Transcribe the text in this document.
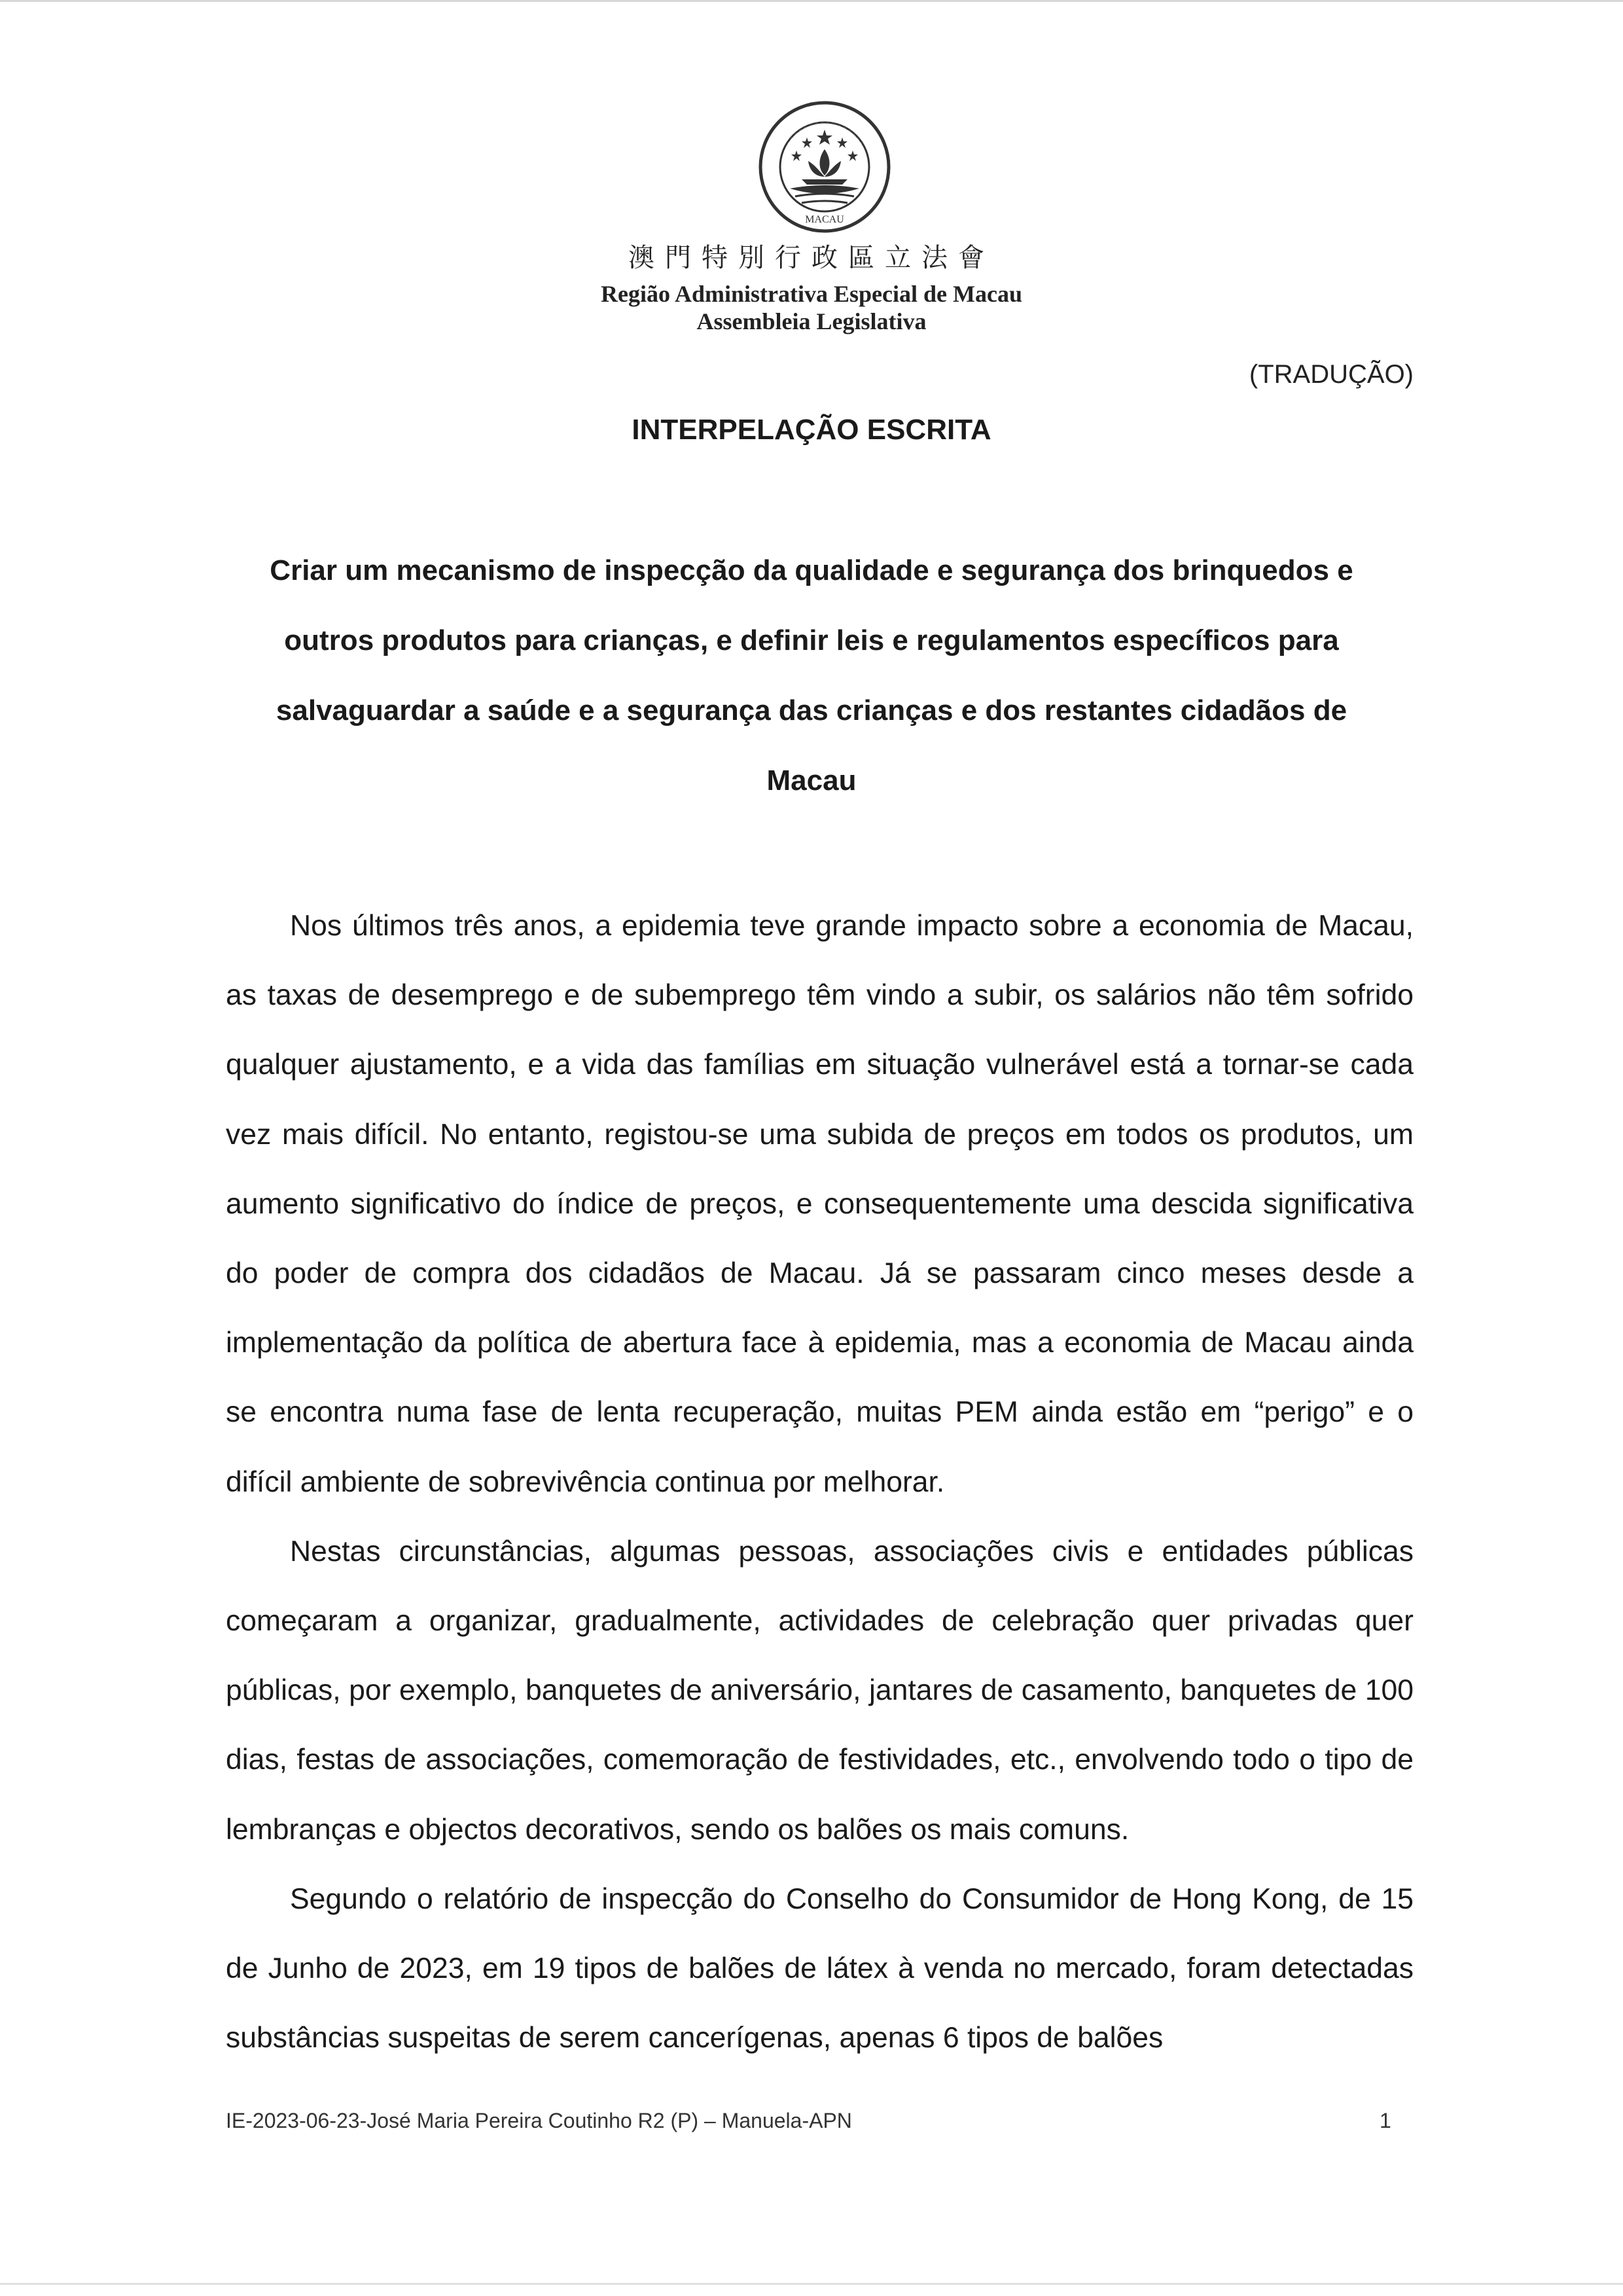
MACAU
澳門特別行政區立法會
Região Administrativa Especial de Macau
Assembleia Legislativa
(TRADUÇÃO)
INTERPELAÇÃO ESCRITA
Criar um mecanismo de inspecção da qualidade e segurança dos brinquedos e outros produtos para crianças, e definir leis e regulamentos específicos para salvaguardar a saúde e a segurança das crianças e dos restantes cidadãos de Macau

Nos últimos três anos, a epidemia teve grande impacto sobre a economia de Macau, as taxas de desemprego e de subemprego têm vindo a subir, os salários não têm sofrido qualquer ajustamento, e a vida das famílias em situação vulnerável está a tornar-se cada vez mais difícil. No entanto, registou-se uma subida de preços em todos os produtos, um aumento significativo do índice de preços, e consequentemente uma descida significativa do poder de compra dos cidadãos de Macau. Já se passaram cinco meses desde a implementação da política de abertura face à epidemia, mas a economia de Macau ainda se encontra numa fase de lenta recuperação, muitas PEM ainda estão em “perigo” e o difícil ambiente de sobrevivência continua por melhorar.

Nestas circunstâncias, algumas pessoas, associações civis e entidades públicas começaram a organizar, gradualmente, actividades de celebração quer privadas quer públicas, por exemplo, banquetes de aniversário, jantares de casamento, banquetes de 100 dias, festas de associações, comemoração de festividades, etc., envolvendo todo o tipo de lembranças e objectos decorativos, sendo os balões os mais comuns.

Segundo o relatório de inspecção do Conselho do Consumidor de Hong Kong, de 15 de Junho de 2023, em 19 tipos de balões de látex à venda no mercado, foram detectadas substâncias suspeitas de serem cancerígenas, apenas 6 tipos de balões

IE-2023-06-23-José Maria Pereira Coutinho R2 (P) – Manuela-APN	1
